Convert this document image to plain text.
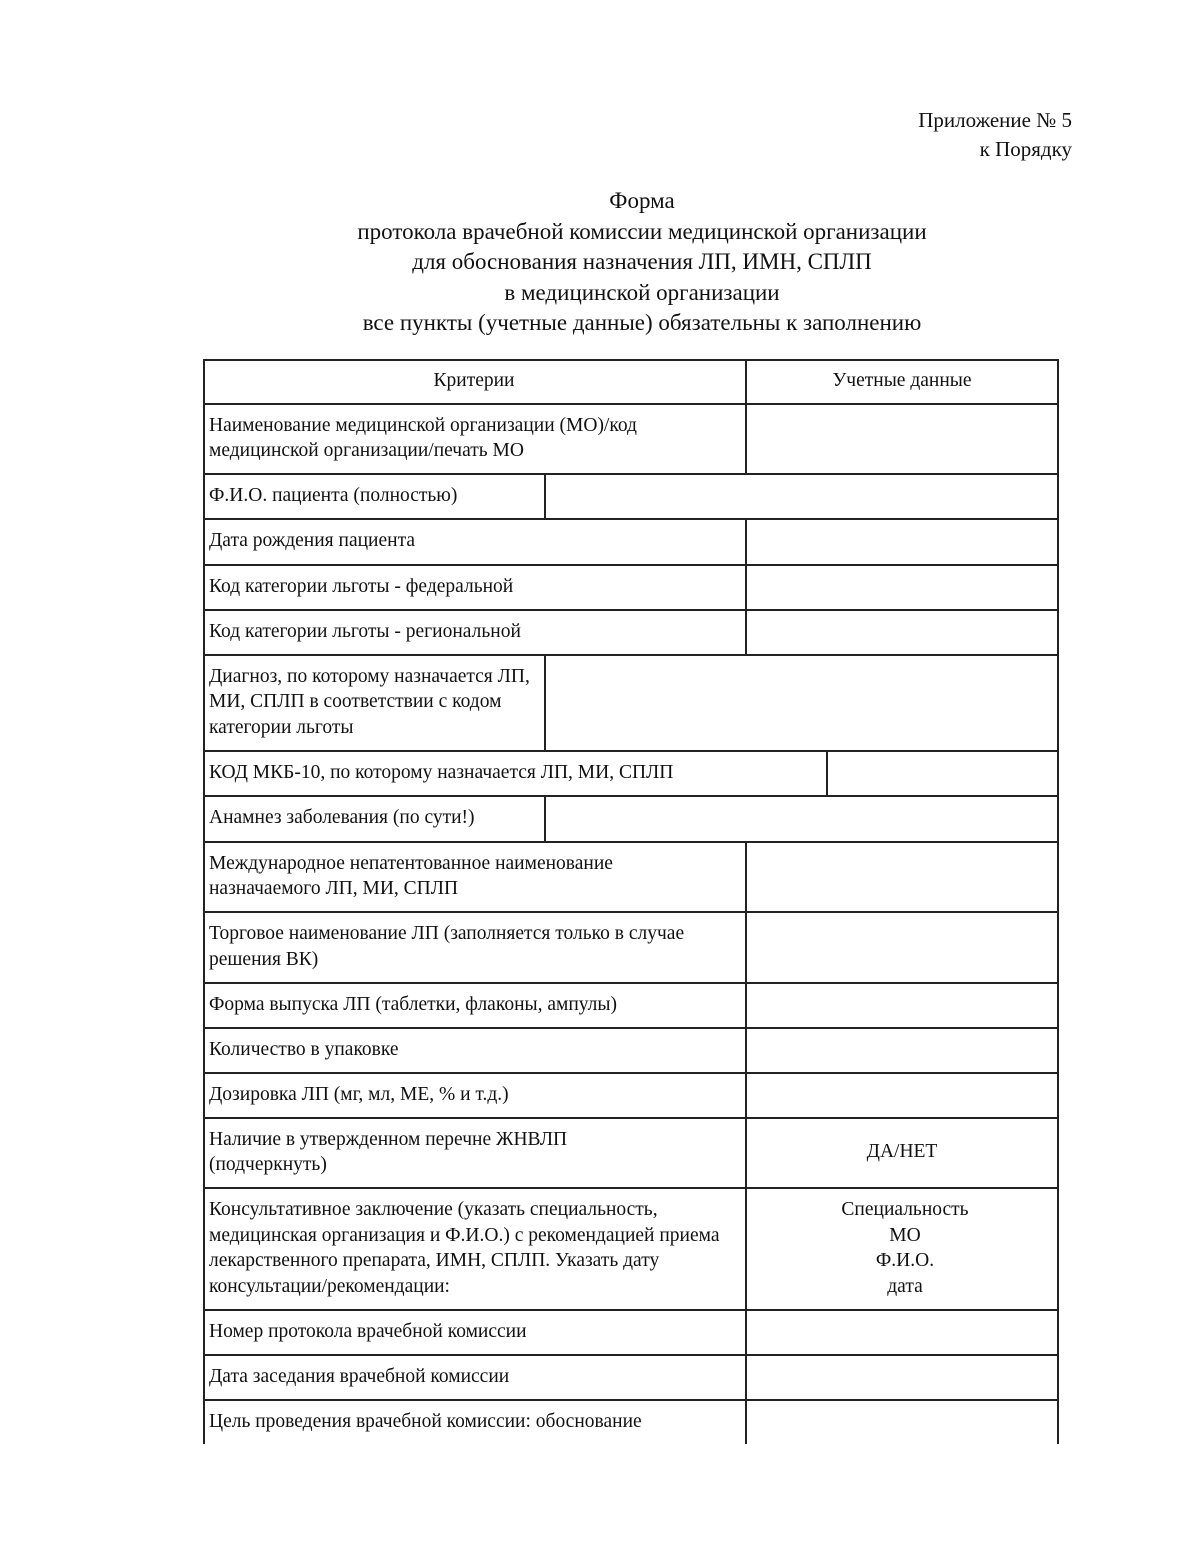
Приложение № 5
к Порядку
Форма
протокола врачебной комиссии медицинской организации
для обоснования назначения ЛП, ИМН, СПЛП
в медицинской организации
все пункты (учетные данные) обязательны к заполнению
Критерии	Учетные данные
Наименование медицинской организации (МО)/код медицинской организации/печать МО
Ф.И.О. пациента (полностью)
Дата рождения пациента
Код категории льготы - федеральной
Код категории льготы - региональной
Диагноз, по которому назначается ЛП, МИ, СПЛП в соответствии с кодом категории льготы
КОД МКБ-10, по которому назначается ЛП, МИ, СПЛП
Анамнез заболевания (по сути!)
Международное непатентованное наименование назначаемого ЛП, МИ, СПЛП
Торговое наименование ЛП (заполняется только в случае решения ВК)
Форма выпуска ЛП (таблетки, флаконы, ампулы)
Количество в упаковке
Дозировка ЛП (мг, мл, МЕ, % и т.д.)
Наличие в утвержденном перечне ЖНВЛП (подчеркнуть)
ДА/НЕТ
Консультативное заключение (указать специальность, медицинская организация и Ф.И.О.) с рекомендацией приема лекарственного препарата, ИМН, СПЛП. Указать дату консультации/рекомендации:
Специальность
МО
Ф.И.О.
дата
Номер протокола врачебной комиссии
Дата заседания врачебной комиссии
Цель проведения врачебной комиссии: обоснование
